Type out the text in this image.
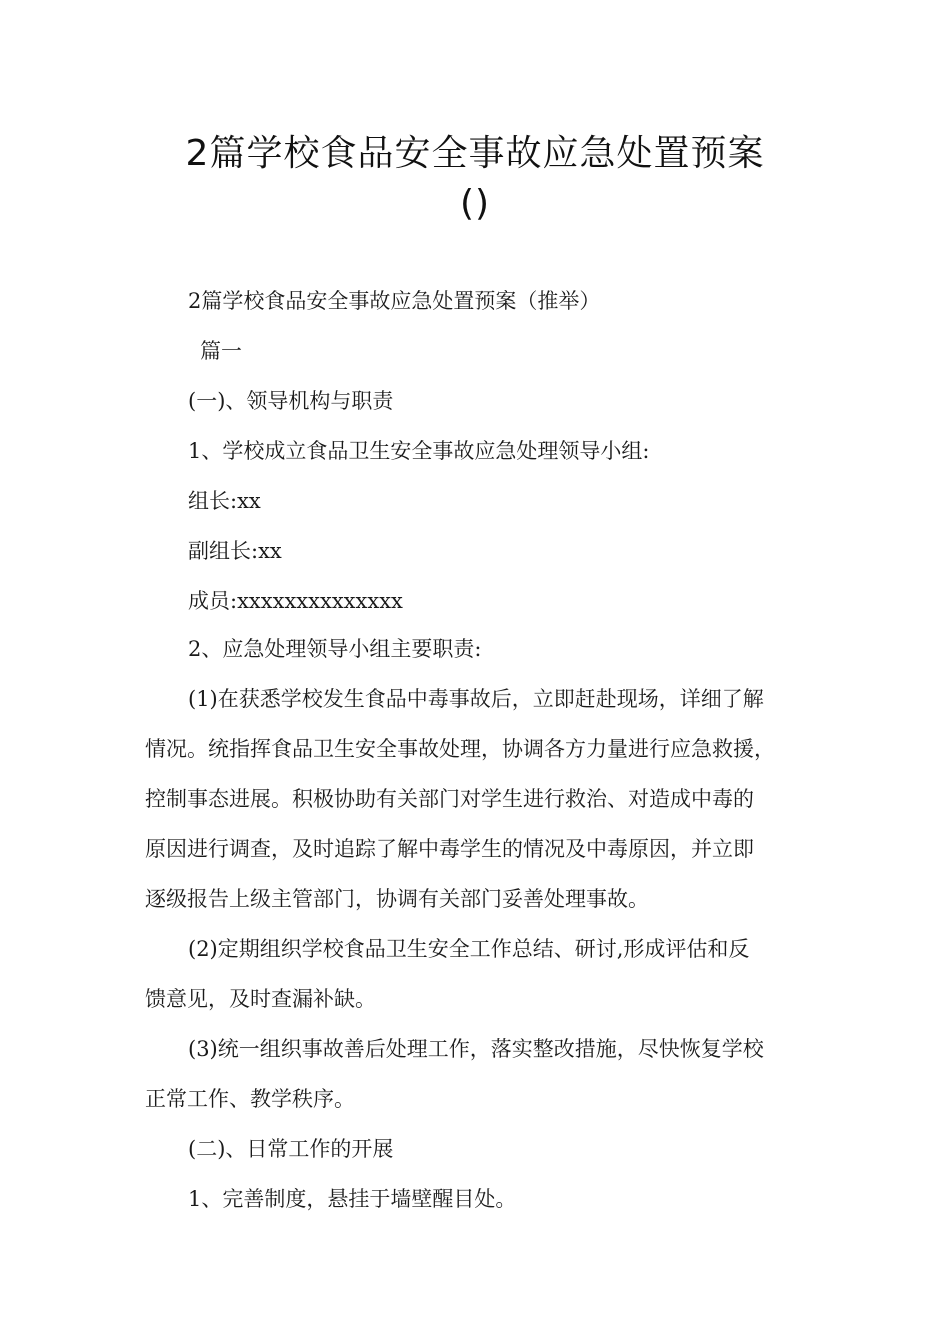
2篇学校食品安全事故应急处置预案
()
2篇学校食品安全事故应急处置预案（推举）
篇一
(一)、领导机构与职责
1、学校成立食品卫生安全事故应急处理领导小组:
组长:xx
副组长:xx
成员:xxxxxxxxxxxxxx
2、应急处理领导小组主要职责:
(1)在获悉学校发生食品中毒事故后，立即赶赴现场，详细了解
情况。统指挥食品卫生安全事故处理，协调各方力量进行应急救援，
控制事态进展。积极协助有关部门对学生进行救治、对造成中毒的
原因进行调查，及时追踪了解中毒学生的情况及中毒原因，并立即
逐级报告上级主管部门，协调有关部门妥善处理事故。
(2)定期组织学校食品卫生安全工作总结、研讨,形成评估和反
馈意见，及时查漏补缺。
(3)统一组织事故善后处理工作，落实整改措施，尽快恢复学校
正常工作、教学秩序。
(二)、日常工作的开展
1、完善制度，悬挂于墙壁醒目处。
